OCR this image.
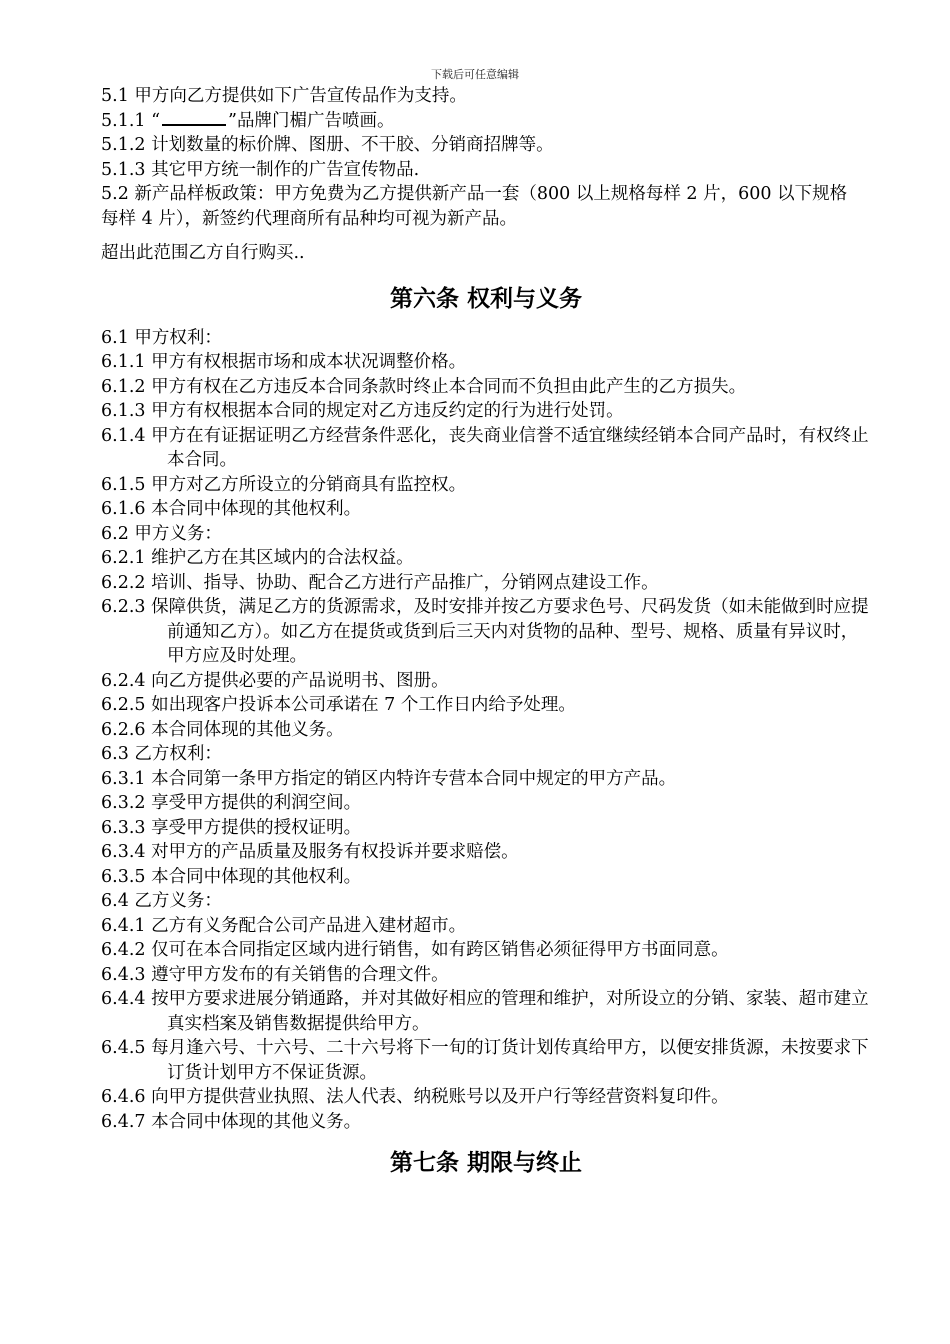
下载后可任意编辑
5.1 甲方向乙方提供如下广告宣传品作为支持。
5.1.1 “	”品牌门楣广告喷画。
5.1.2 计划数量的标价牌、图册、不干胶、分销商招牌等。
5.1.3 其它甲方统一制作的广告宣传物品.
5.2 新产品样板政策：甲方免费为乙方提供新产品一套（800 以上规格每样 2 片，600 以下规格每样 4 片），新签约代理商所有品种均可视为新产品。
超出此范围乙方自行购买..
第六条 权利与义务
6.1 甲方权利：
6.1.1 甲方有权根据市场和成本状况调整价格。
6.1.2 甲方有权在乙方违反本合同条款时终止本合同而不负担由此产生的乙方损失。
6.1.3 甲方有权根据本合同的规定对乙方违反约定的行为进行处罚。
6.1.4 甲方在有证据证明乙方经营条件恶化，丧失商业信誉不适宜继续经销本合同产品时，有权终止本合同。
6.1.5 甲方对乙方所设立的分销商具有监控权。
6.1.6 本合同中体现的其他权利。
6.2 甲方义务：
6.2.1 维护乙方在其区域内的合法权益。
6.2.2 培训、指导、协助、配合乙方进行产品推广，分销网点建设工作。
6.2.3 保障供货，满足乙方的货源需求，及时安排并按乙方要求色号、尺码发货（如未能做到时应提前通知乙方）。如乙方在提货或货到后三天内对货物的品种、型号、规格、质量有异议时，甲方应及时处理。
6.2.4 向乙方提供必要的产品说明书、图册。
6.2.5 如出现客户投诉本公司承诺在 7 个工作日内给予处理。
6.2.6 本合同体现的其他义务。
6.3 乙方权利：
6.3.1 本合同第一条甲方指定的销区内特许专营本合同中规定的甲方产品。
6.3.2 享受甲方提供的利润空间。
6.3.3 享受甲方提供的授权证明。
6.3.4 对甲方的产品质量及服务有权投诉并要求赔偿。
6.3.5 本合同中体现的其他权利。
6.4 乙方义务：
6.4.1 乙方有义务配合公司产品进入建材超市。
6.4.2 仅可在本合同指定区域内进行销售，如有跨区销售必须征得甲方书面同意。
6.4.3 遵守甲方发布的有关销售的合理文件。
6.4.4 按甲方要求进展分销通路，并对其做好相应的管理和维护，对所设立的分销、家装、超市建立真实档案及销售数据提供给甲方。
6.4.5 每月逢六号、十六号、二十六号将下一旬的订货计划传真给甲方，以便安排货源，未按要求下订货计划甲方不保证货源。
6.4.6 向甲方提供营业执照、法人代表、纳税账号以及开户行等经营资料复印件。
6.4.7 本合同中体现的其他义务。
第七条 期限与终止
